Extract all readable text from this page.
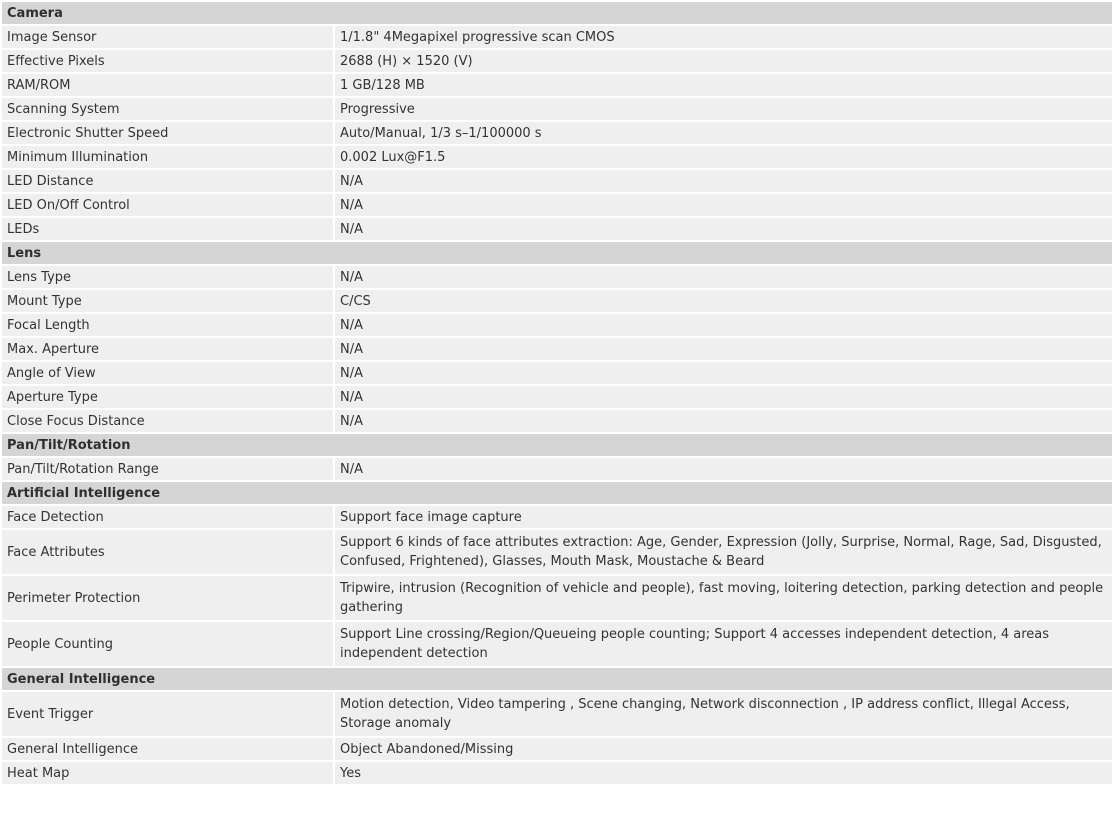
Camera	
Image Sensor	1/1.8" 4Megapixel progressive scan CMOS
Effective Pixels	2688 (H) × 1520 (V)
RAM/ROM	1 GB/128 MB
Scanning System	Progressive
Electronic Shutter Speed	Auto/Manual, 1/3 s–1/100000 s
Minimum Illumination	0.002 Lux@F1.5
LED Distance	N/A
LED On/Off Control	N/A
LEDs	N/A
Lens	
Lens Type	N/A
Mount Type	C/CS
Focal Length	N/A
Max. Aperture	N/A
Angle of View	N/A
Aperture Type	N/A
Close Focus Distance	N/A
Pan/Tilt/Rotation	
Pan/Tilt/Rotation Range	N/A
Artificial Intelligence	
Face Detection	Support face image capture
Face Attributes	Support 6 kinds of face attributes extraction: Age, Gender, Expression (Jolly, Surprise, Normal, Rage, Sad, Disgusted, Confused, Frightened), Glasses, Mouth Mask, Moustache & Beard
Perimeter Protection	Tripwire, intrusion (Recognition of vehicle and people), fast moving, loitering detection, parking detection and people gathering
People Counting	Support Line crossing/Region/Queueing people counting; Support 4 accesses independent detection, 4 areas independent detection
General Intelligence	
Event Trigger	Motion detection, Video tampering , Scene changing, Network disconnection , IP address conflict, Illegal Access, Storage anomaly
General Intelligence	Object Abandoned/Missing
Heat Map	Yes
